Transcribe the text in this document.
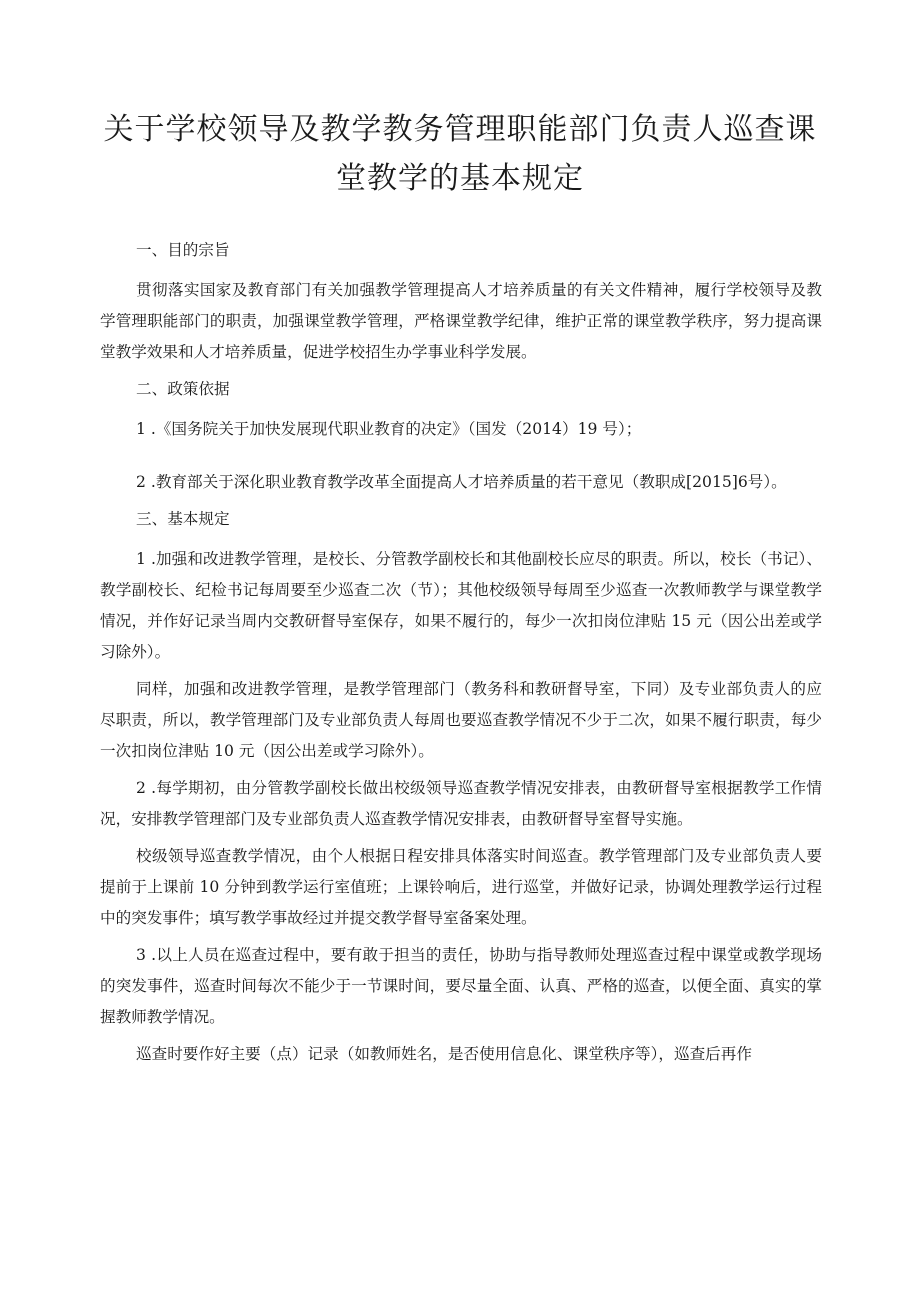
关于学校领导及教学教务管理职能部门负责人巡查课
堂教学的基本规定

一、目的宗旨

贯彻落实国家及教育部门有关加强教学管理提高人才培养质量的有关文件精神，履行学校领导及教学管理职能部门的职责，加强课堂教学管理，严格课堂教学纪律，维护正常的课堂教学秩序，努力提高课堂教学效果和人才培养质量，促进学校招生办学事业科学发展。

二、政策依据

1 .《国务院关于加快发展现代职业教育的决定》（国发（2014）19 号）；

2 .教育部关于深化职业教育教学改革全面提高人才培养质量的若干意见（教职成[2015]6号）。

三、基本规定

1 .加强和改进教学管理，是校长、分管教学副校长和其他副校长应尽的职责。所以，校长（书记）、教学副校长、纪检书记每周要至少巡查二次（节）；其他校级领导每周至少巡查一次教师教学与课堂教学情况，并作好记录当周内交教研督导室保存，如果不履行的，每少一次扣岗位津贴 15 元（因公出差或学习除外）。

同样，加强和改进教学管理，是教学管理部门（教务科和教研督导室，下同）及专业部负责人的应尽职责，所以，教学管理部门及专业部负责人每周也要巡查教学情况不少于二次，如果不履行职责，每少一次扣岗位津贴 10 元（因公出差或学习除外）。

2 .每学期初，由分管教学副校长做出校级领导巡查教学情况安排表，由教研督导室根据教学工作情况，安排教学管理部门及专业部负责人巡查教学情况安排表，由教研督导室督导实施。

校级领导巡查教学情况，由个人根据日程安排具体落实时间巡查。教学管理部门及专业部负责人要提前于上课前 10 分钟到教学运行室值班；上课铃响后，进行巡堂，并做好记录，协调处理教学运行过程中的突发事件；填写教学事故经过并提交教学督导室备案处理。

3 .以上人员在巡查过程中，要有敢于担当的责任，协助与指导教师处理巡查过程中课堂或教学现场的突发事件，巡查时间每次不能少于一节课时间，要尽量全面、认真、严格的巡查，以便全面、真实的掌握教师教学情况。

巡查时要作好主要（点）记录（如教师姓名，是否使用信息化、课堂秩序等），巡查后再作
